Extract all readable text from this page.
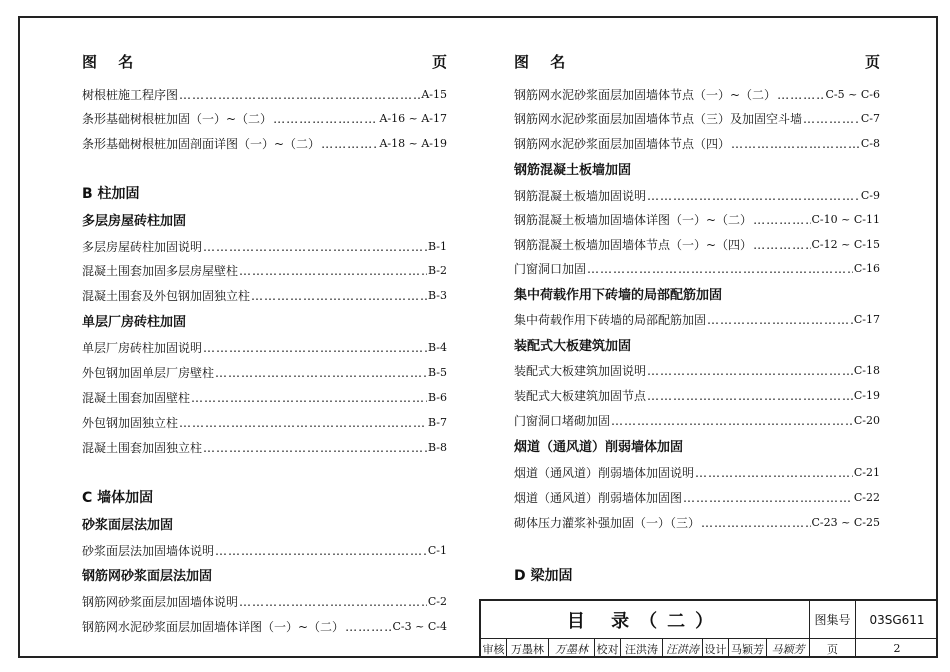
图 名	页
树根桩施工程序图 ………………………………………………………………………………………………………………………………	A-15
条形基础树根桩加固（一）~（二） ………………………………………………………………………………………………………………………………	A-16 ~ A-17
条形基础树根桩加固剖面详图（一）~（二） ………………………………………………………………………………………………………………………………	A-18 ~ A-19
B 柱加固
多层房屋砖柱加固
多层房屋砖柱加固说明 ………………………………………………………………………………………………………………………………	B-1
混凝土围套加固多层房屋壁柱 ………………………………………………………………………………………………………………………………	B-2
混凝土围套及外包钢加固独立柱 ………………………………………………………………………………………………………………………………	B-3
单层厂房砖柱加固
单层厂房砖柱加固说明 ………………………………………………………………………………………………………………………………	B-4
外包钢加固单层厂房壁柱 ………………………………………………………………………………………………………………………………	B-5
混凝土围套加固壁柱 ………………………………………………………………………………………………………………………………	B-6
外包钢加固独立柱 ………………………………………………………………………………………………………………………………	B-7
混凝土围套加固独立柱 ………………………………………………………………………………………………………………………………	B-8
C 墙体加固
砂浆面层法加固
砂浆面层法加固墙体说明 ………………………………………………………………………………………………………………………………	C-1
钢筋网砂浆面层法加固
钢筋网砂浆面层加固墙体说明 ………………………………………………………………………………………………………………………………	C-2
钢筋网水泥砂浆面层加固墙体详图（一）~（二） ………………………………………………………………………………………………………………………………	C-3 ~ C-4
图 名	页
钢筋网水泥砂浆面层加固墙体节点（一）~（二） ………………………………………………………………………………………………………………………………	C-5 ~ C-6
钢筋网水泥砂浆面层加固墙体节点（三）及加固空斗墙 ………………………………………………………………………………………………………………………………	C-7
钢筋网水泥砂浆面层加固墙体节点（四） ………………………………………………………………………………………………………………………………	C-8
钢筋混凝土板墙加固
钢筋混凝土板墙加固说明 ………………………………………………………………………………………………………………………………	C-9
钢筋混凝土板墙加固墙体详图（一）~（二） ………………………………………………………………………………………………………………………………	C-10 ~ C-11
钢筋混凝土板墙加固墙体节点（一）~（四） ………………………………………………………………………………………………………………………………	C-12 ~ C-15
门窗洞口加固 ………………………………………………………………………………………………………………………………	C-16
集中荷载作用下砖墙的局部配筋加固
集中荷载作用下砖墙的局部配筋加固 ………………………………………………………………………………………………………………………………	C-17
装配式大板建筑加固
装配式大板建筑加固说明 ………………………………………………………………………………………………………………………………	C-18
装配式大板建筑加固节点 ………………………………………………………………………………………………………………………………	C-19
门窗洞口堵砌加固 ………………………………………………………………………………………………………………………………	C-20
烟道（通风道）削弱墙体加固
烟道（通风道）削弱墙体加固说明 ………………………………………………………………………………………………………………………………	C-21
烟道（通风道）削弱墙体加固图 ………………………………………………………………………………………………………………………………	C-22
砌体压力灌浆补强加固（一）（三） ………………………………………………………………………………………………………………………………	C-23 ~ C-25
D 梁加固
目 录（二）	图集号	03SG611
审核 万墨林	万墨林 校对 汪洪涛 汪洪涛 设计 马颖芳 马颖芳	页	2
